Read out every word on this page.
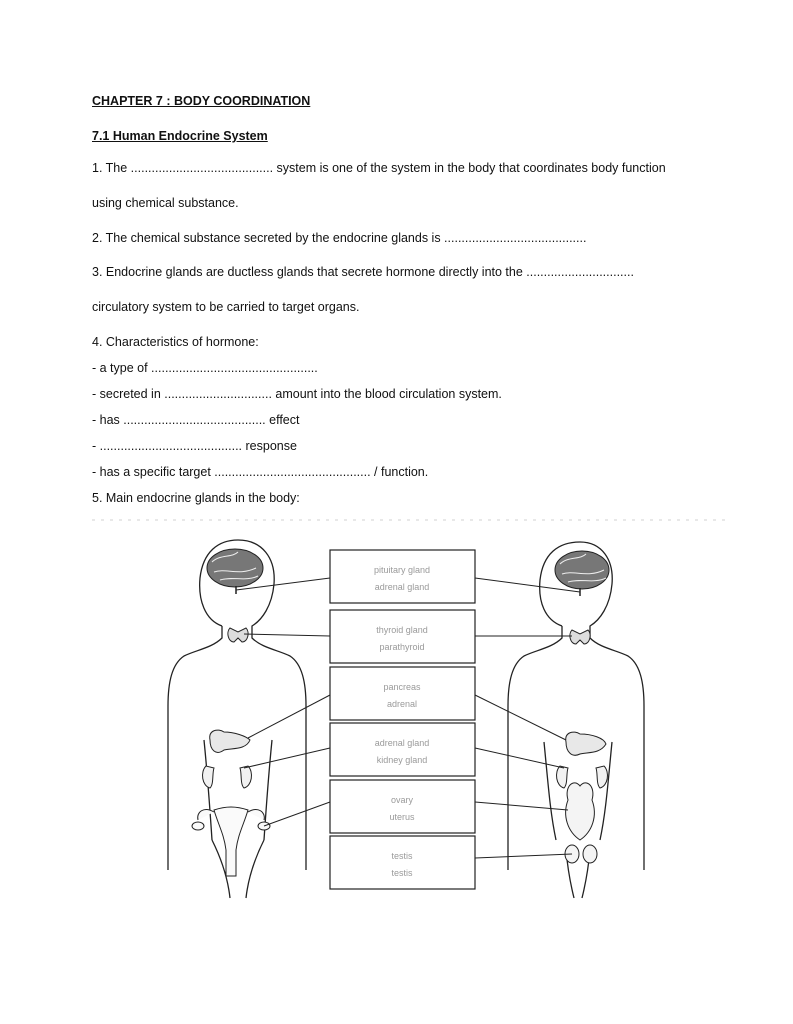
CHAPTER 7 : BODY COORDINATION
7.1 Human Endocrine System
1. The ......................................... system is one of the system in the body that coordinates body function
using chemical substance.
2. The chemical substance secreted by the endocrine glands is .........................................
3. Endocrine glands are ductless glands that secrete hormone directly into the ...............................
circulatory system to be carried to target organs.
4. Characteristics of hormone:
- a type of ................................................
- secreted in ............................... amount into the blood circulation system.
- has ......................................... effect
- ......................................... response
- has a specific target ............................................. / function.
5. Main endocrine glands in the body:
pituitary gland
adrenal gland
thyroid gland
parathyroid
pancreas
adrenal
adrenal gland
kidney gland
ovary
uterus
testis
testis
